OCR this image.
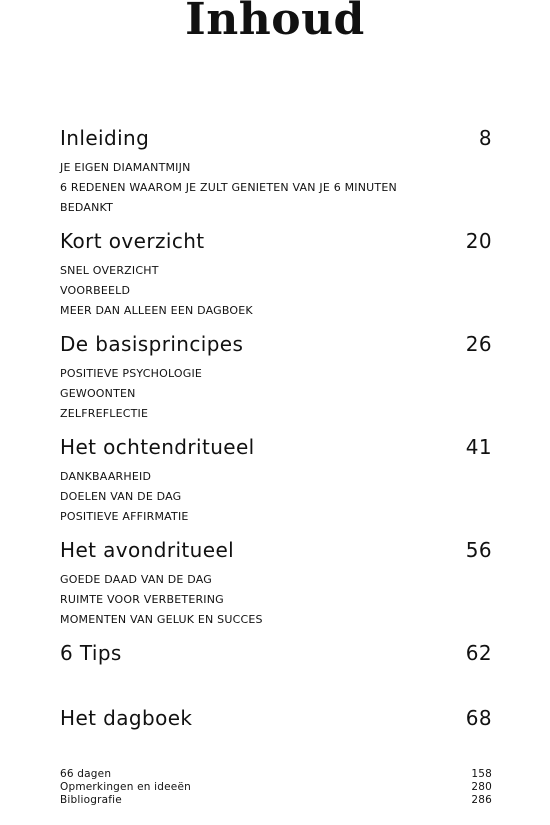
Inhoud
Inleiding	8
JE EIGEN DIAMANTMIJN
6 REDENEN WAAROM JE ZULT GENIETEN VAN JE 6 MINUTEN
BEDANKT
Kort overzicht	20
SNEL OVERZICHT
VOORBEELD
MEER DAN ALLEEN EEN DAGBOEK
De basisprincipes	26
POSITIEVE PSYCHOLOGIE
GEWOONTEN
ZELFREFLECTIE
Het ochtendritueel	41
DANKBAARHEID
DOELEN VAN DE DAG
POSITIEVE AFFIRMATIE
Het avondritueel	56
GOEDE DAAD VAN DE DAG
RUIMTE VOOR VERBETERING
MOMENTEN VAN GELUK EN SUCCES
6 Tips	62
Het dagboek	68
66 dagen	158
Opmerkingen en ideeën	280
Bibliografie	286
